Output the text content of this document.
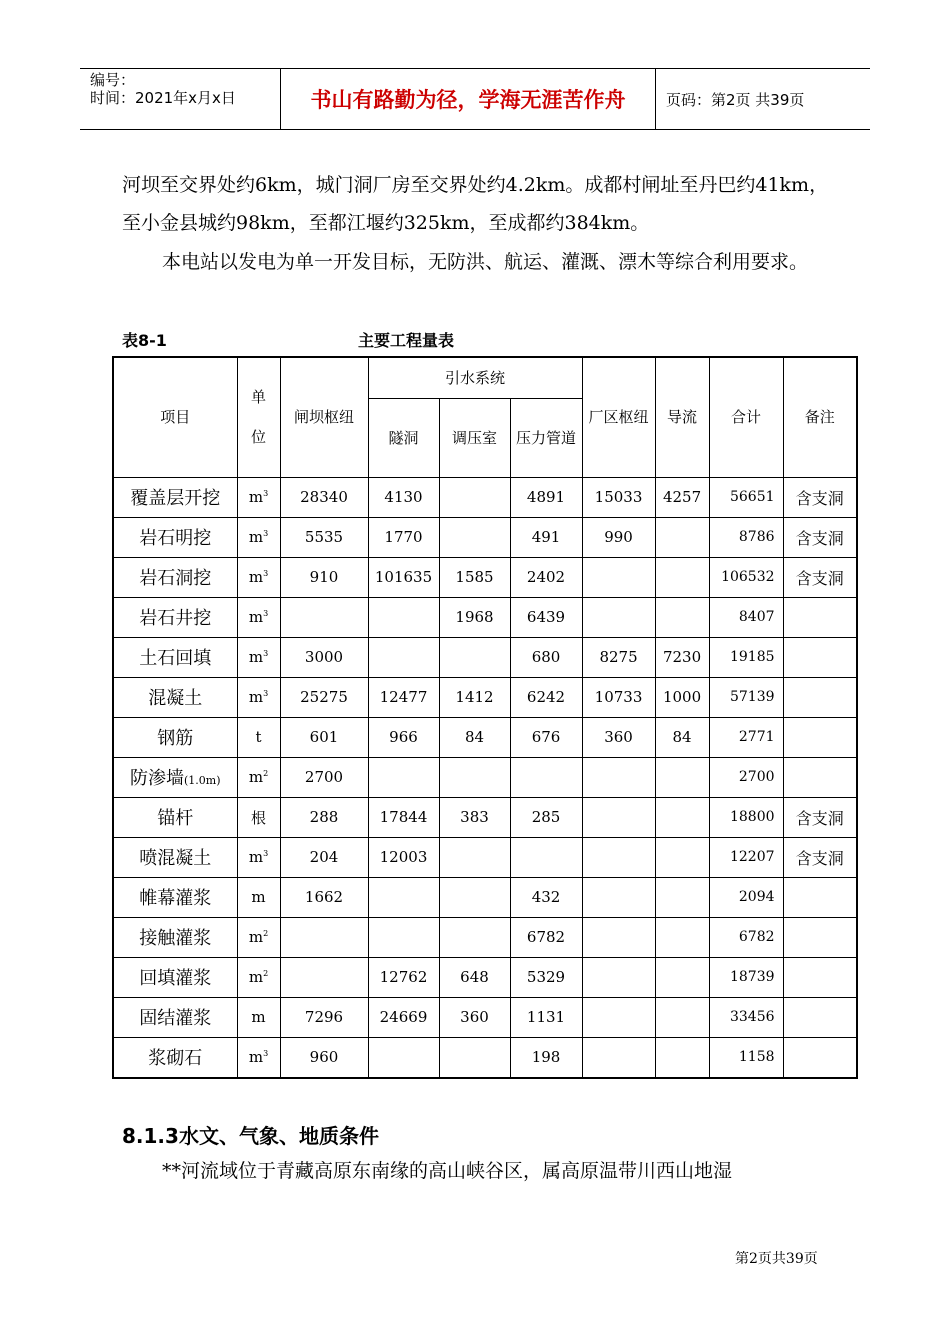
编号：
时间：2021年x月x日	书山有路勤为径，学海无涯苦作舟	页码：第2页 共39页

河坝至交界处约6km，城门洞厂房至交界处约4.2km。成都村闸址至丹巴约41km，至小金县城约98km，至都江堰约325km，至成都约384km。

本电站以发电为单一开发目标，无防洪、航运、灌溉、漂木等综合利用要求。

表8-1	主要工程量表
项目	单位	闸坝枢纽	引水系统			厂区枢纽	导流	合计	备注
			隧洞	调压室	压力管道				
覆盖层开挖	$m^3$	28340	4130		4891	15033	4257	56651	含支洞
岩石明挖	$m^3$	5535	1770		491	990		8786	含支洞
岩石洞挖	$m^3$	910	101635	1585	2402			106532	含支洞
岩石井挖	$m^3$			1968	6439			8407	
土石回填	$m^3$	3000			680	8275	7230	19185	
混凝土	$m^3$	25275	12477	1412	6242	10733	1000	57139	
钢筋	t	601	966	84	676	360	84	2771	
防渗墙(1.0m)	$m^2$	2700						2700	
锚杆	根	288	17844	383	285			18800	含支洞
喷混凝土	$m^3$	204	12003					12207	含支洞
帷幕灌浆	m	1662			432			2094	
接触灌浆	$m^2$				6782			6782	
回填灌浆	$m^2$		12762	648	5329			18739	
固结灌浆	m	7296	24669	360	1131			33456	
浆砌石	$m^3$	960			198			1158	
8.1.3水文、气象、地质条件

**河流域位于青藏高原东南缘的高山峡谷区，属高原温带川西山地湿

第2页共39页
